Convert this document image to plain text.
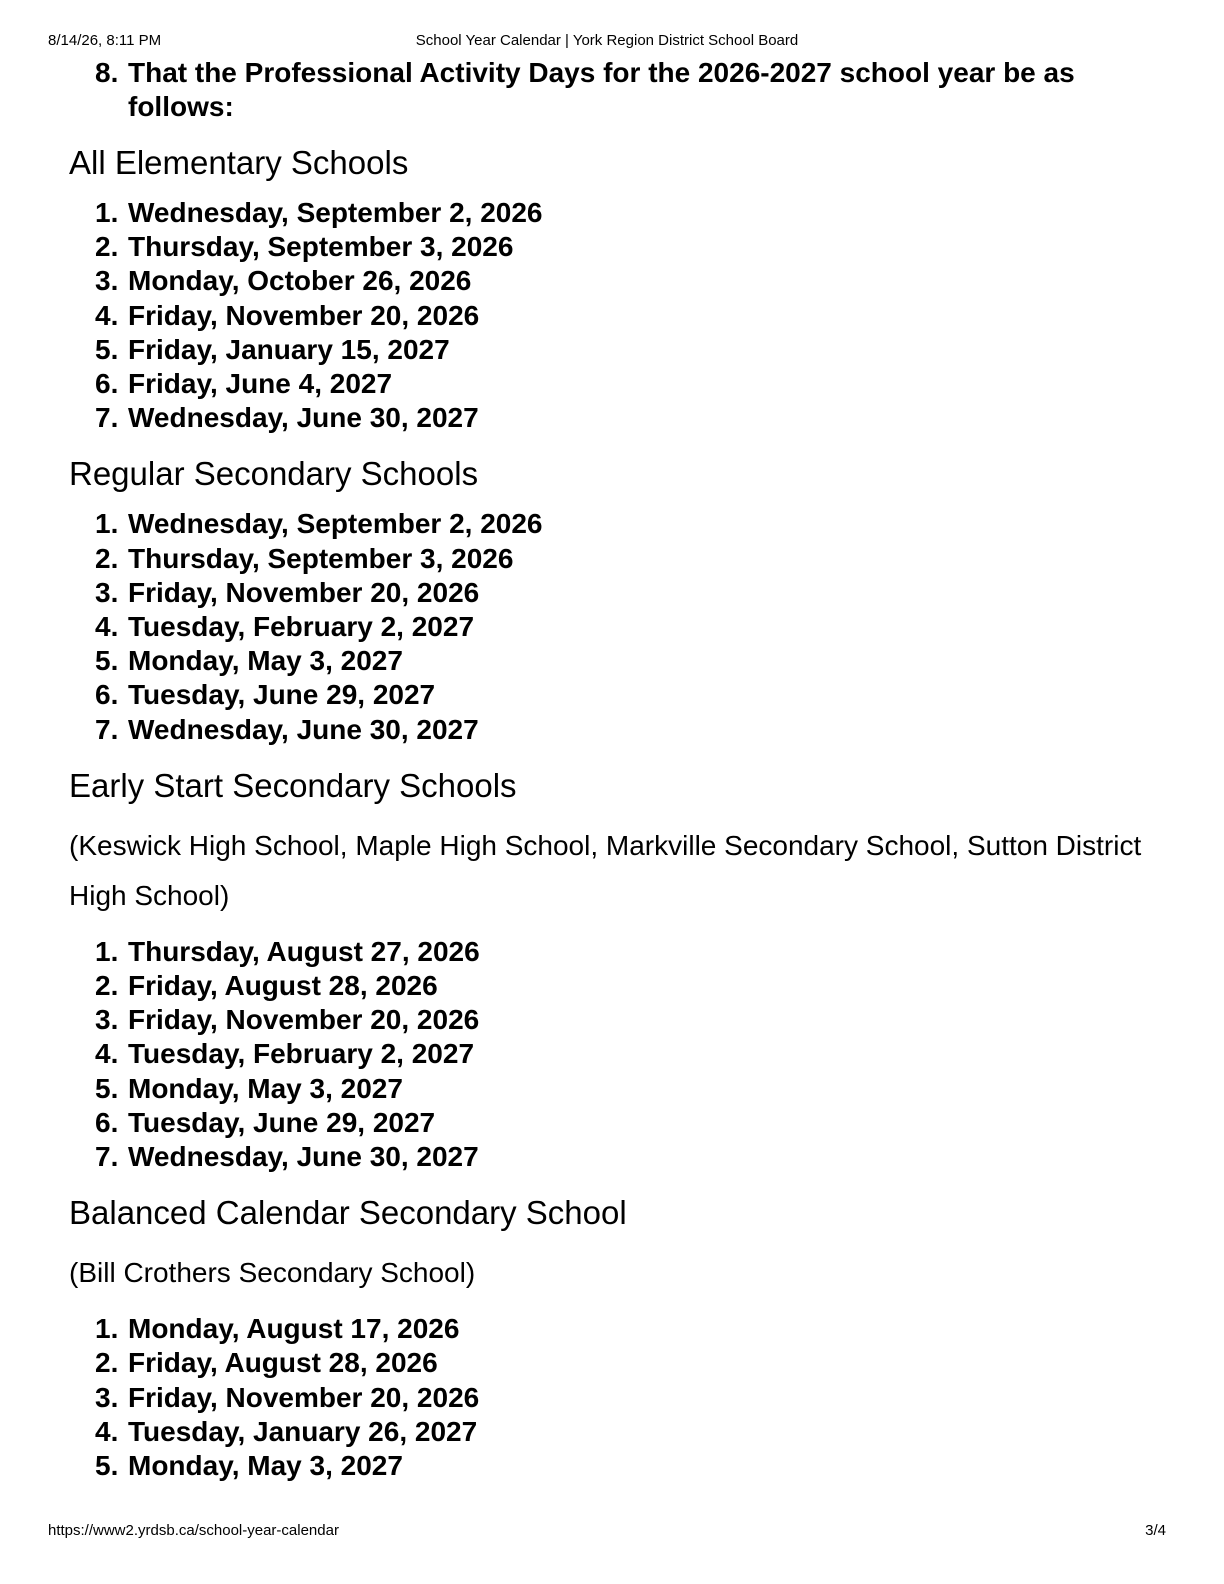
8/14/26, 8:11 PM	School Year Calendar | York Region District School Board
8. That the Professional Activity Days for the 2026-2027 school year be as follows:
All Elementary Schools
1. Wednesday, September 2, 2026
2. Thursday, September 3, 2026
3. Monday, October 26, 2026
4. Friday, November 20, 2026
5. Friday, January 15, 2027
6. Friday, June 4, 2027
7. Wednesday, June 30, 2027
Regular Secondary Schools
1. Wednesday, September 2, 2026
2. Thursday, September 3, 2026
3. Friday, November 20, 2026
4. Tuesday, February 2, 2027
5. Monday, May 3, 2027
6. Tuesday, June 29, 2027
7. Wednesday, June 30, 2027
Early Start Secondary Schools

(Keswick High School, Maple High School, Markville Secondary School, Sutton District High School)

1. Thursday, August 27, 2026
2. Friday, August 28, 2026
3. Friday, November 20, 2026
4. Tuesday, February 2, 2027
5. Monday, May 3, 2027
6. Tuesday, June 29, 2027
7. Wednesday, June 30, 2027
Balanced Calendar Secondary School

(Bill Crothers Secondary School)

1. Monday, August 17, 2026
2. Friday, August 28, 2026
3. Friday, November 20, 2026
4. Tuesday, January 26, 2027
5. Monday, May 3, 2027
https://www2.yrdsb.ca/school-year-calendar	3/4
